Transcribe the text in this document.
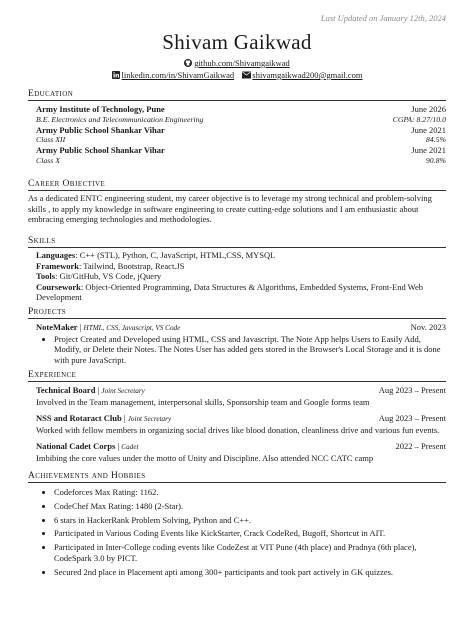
Last Updated on January 12th, 2024
Shivam Gaikwad
github.com/Shivamgaikwad
linkedin.com/in/ShivamGaikwad shivamgaikwad200@gmail.com
Education
Army Institute of Technology, Pune	June 2026
B.E. Electronics and Telecommunication Engineering	CGPA: 8.27/10.0
Army Public School Shankar Vihar	June 2021
Class XII	84.5%
Army Public School Shankar Vihar	June 2021
Class X	90.8%
Career Objective
As a dedicated ENTC engineering student, my career objective is to leverage my strong technical and problem-solving skills , to apply my knowledge in software engineering to create cutting-edge solutions and I am enthusiastic about embracing emerging technologies and methodologies.
Skills
Languages: C++ (STL), Python, C, JavaScript, HTML,CSS, MYSQL
Framework: Tailwind, Bootstrap, React.JS
Tools: Git/GitHub, VS Code, jQuery
Coursework: Object-Oriented Programming, Data Structures & Algorithms, Embedded Systems, Front-End Web Development
Projects
NoteMaker | HTML, CSS, Javascript, VS Code	Nov. 2023
• Project Created and Developed using HTML, CSS and Javascript. The Note App helps Users to Easily Add, Modify, or Delete their Notes. The Notes User has added gets stored in the Browser's Local Storage and it is done with pure JavaScript.
Experience
Technical Board | Joint Secretary	Aug 2023 – Present
Involved in the Team management, interpersonal skills, Sponsorship team and Google forms team
NSS and Rotaract Club | Joint Secretary	Aug 2023 – Present
Worked with fellow members in organizing social drives like blood donation, cleanliness drive and various fun events.
National Cadet Corps | Cadet	2022 – Present
Imbibing the core values under the motto of Unity and Discipline. Also attended NCC CATC camp
Achievements and Hobbies
• Codeforces Max Rating: 1162.
• CodeChef Max Rating: 1480 (2-Star).
• 6 stars in HackerRank Problem Solving, Python and C++.
• Participated in Various Coding Events like KickStarter, Crack CodeRed, Bugoff, Shortcut in AIT.
• Participated in Inter-College coding events like CodeZest at VIT Pune (4th place) and Pradnya (6th place), CodeSpark 3.0 by PICT.
• Secured 2nd place in Placement apti among 300+ participants and took part actively in GK quizzes.
